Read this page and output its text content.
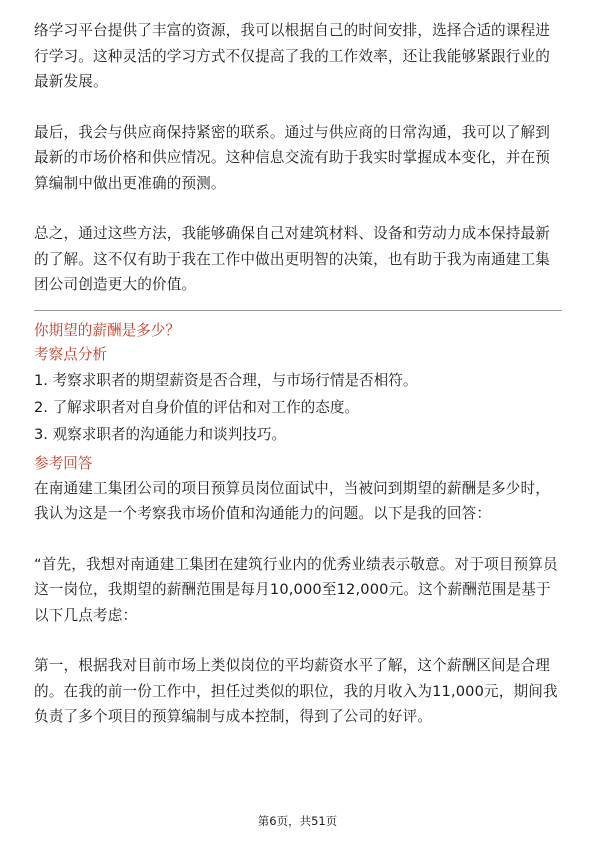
络学习平台提供了丰富的资源，我可以根据自己的时间安排，选择合适的课程进行学习。这种灵活的学习方式不仅提高了我的工作效率，还让我能够紧跟行业的最新发展。

最后，我会与供应商保持紧密的联系。通过与供应商的日常沟通，我可以了解到最新的市场价格和供应情况。这种信息交流有助于我实时掌握成本变化，并在预算编制中做出更准确的预测。

总之，通过这些方法，我能够确保自己对建筑材料、设备和劳动力成本保持最新的了解。这不仅有助于我在工作中做出更明智的决策，也有助于我为南通建工集团公司创造更大的价值。

你期望的薪酬是多少？
考察点分析
1. 考察求职者的期望薪资是否合理，与市场行情是否相符。
2. 了解求职者对自身价值的评估和对工作的态度。
3. 观察求职者的沟通能力和谈判技巧。
参考回答

在南通建工集团公司的项目预算员岗位面试中，当被问到期望的薪酬是多少时，我认为这是一个考察我市场价值和沟通能力的问题。以下是我的回答：

“首先，我想对南通建工集团在建筑行业内的优秀业绩表示敬意。对于项目预算员这一岗位，我期望的薪酬范围是每月10,000至12,000元。这个薪酬范围是基于以下几点考虑：

第一，根据我对目前市场上类似岗位的平均薪资水平了解，这个薪酬区间是合理的。在我的前一份工作中，担任过类似的职位，我的月收入为11,000元，期间我负责了多个项目的预算编制与成本控制，得到了公司的好评。

第6页，共51页
